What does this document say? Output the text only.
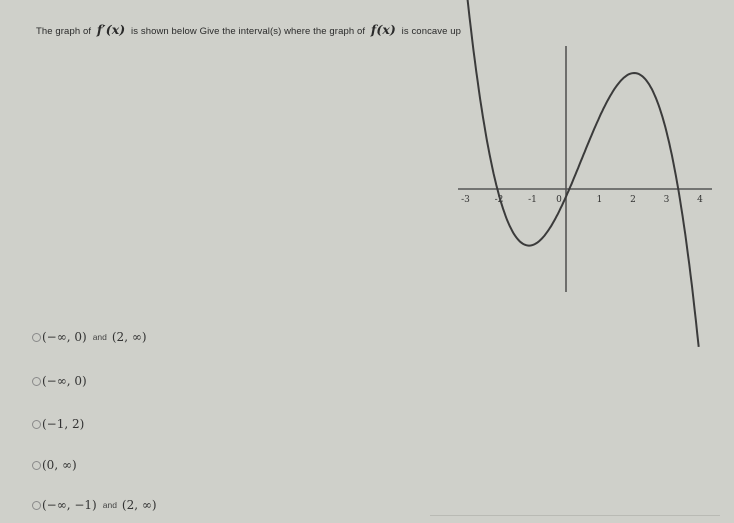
The graph of f′(x) is shown below Give the interval(s) where the graph of f(x) is concave up
-3	-2	-1 0	1	2	3	4
(−∞, 0) and (2, ∞)
(−∞, 0)
(−1, 2)
(0, ∞)
(−∞, −1) and (2, ∞)
